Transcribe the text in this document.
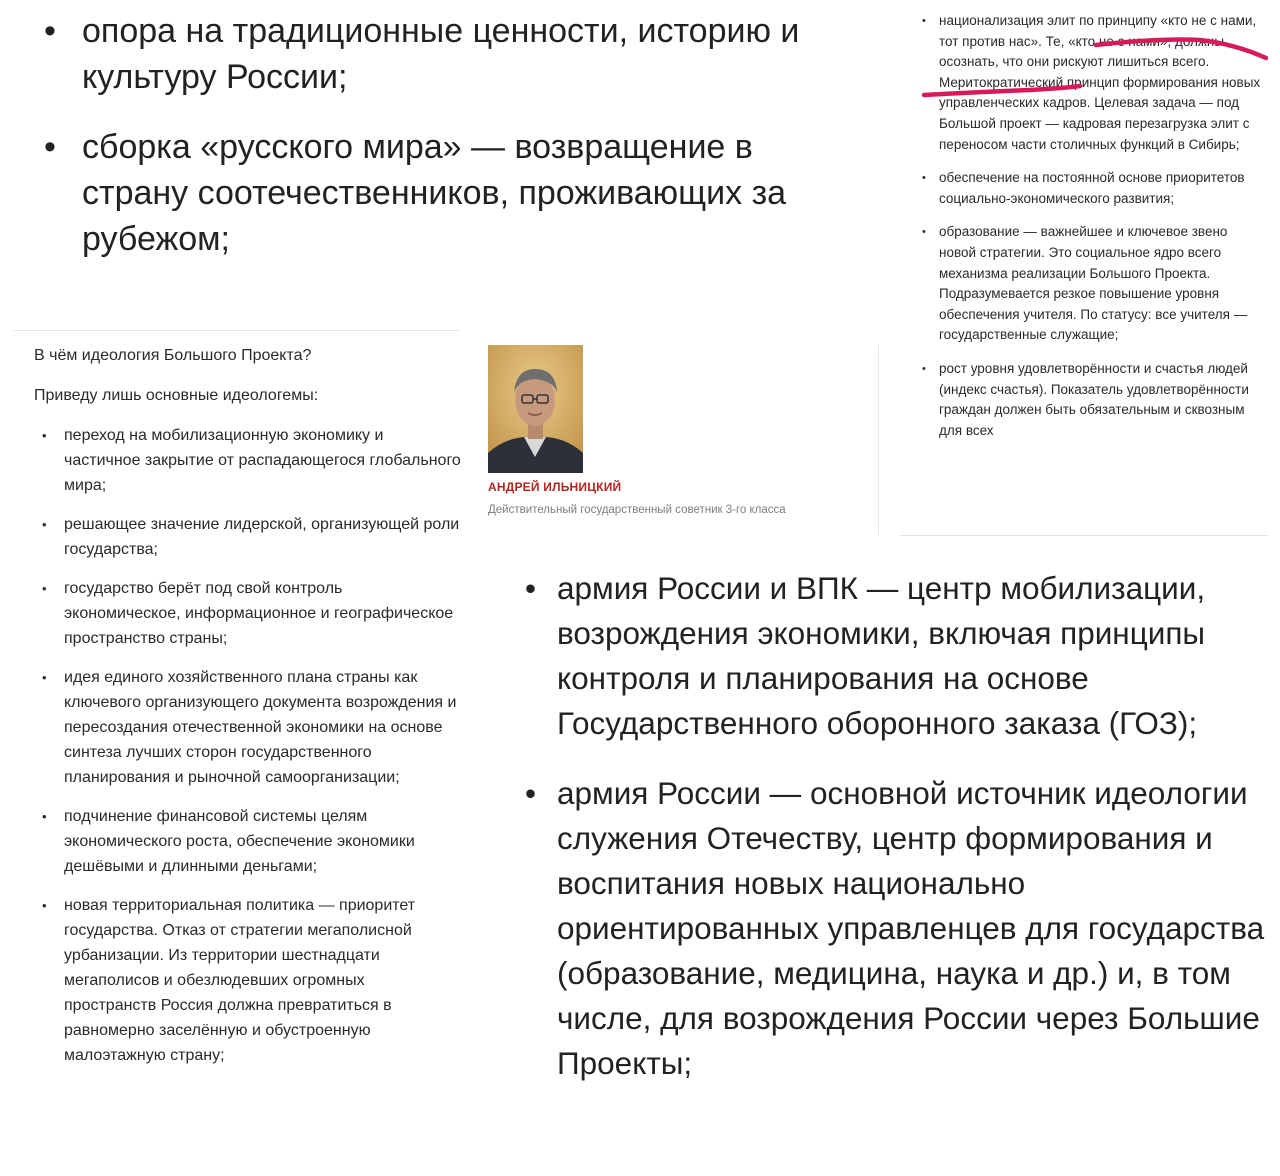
• опора на традиционные ценности, историю и культуру России;
• сборка «русского мира» — возвращение в страну соотечественников, проживающих за рубежом;
В чём идеология Большого Проекта?
Приведу лишь основные идеологемы:
• переход на мобилизационную экономику и частичное закрытие от распадающегося глобального мира;
• решающее значение лидерской, организующей роли государства;
• государство берёт под свой контроль экономическое, информационное и географическое пространство страны;
• идея единого хозяйственного плана страны как ключевого организующего документа возрождения и пересоздания отечественной экономики на основе синтеза лучших сторон государственного планирования и рыночной самоорганизации;
• подчинение финансовой системы целям экономического роста, обеспечение экономики дешёвыми и длинными деньгами;
• новая территориальная политика — приоритет государства. Отказ от стратегии мегаполисной урбанизации. Из территории шестнадцати мегаполисов и обезлюдевших огромных пространств Россия должна превратиться в равномерно заселённую и обустроенную малоэтажную страну;
АНДРЕЙ ИЛЬНИЦКИЙ
Действительный государственный советник 3-го класса
• национализация элит по принципу «кто не с нами, тот против нас». Те, «кто не с нами», должны осознать, что они рискуют лишиться всего. Меритократический принцип формирования новых управленческих кадров. Целевая задача — под Большой проект — кадровая перезагрузка элит с переносом части столичных функций в Сибирь;
• обеспечение на постоянной основе приоритетов социально-экономического развития;
• образование — важнейшее и ключевое звено новой стратегии. Это социальное ядро всего механизма реализации Большого Проекта. Подразумевается резкое повышение уровня обеспечения учителя. По статусу: все учителя — государственные служащие;
• рост уровня удовлетворённости и счастья людей (индекс счастья). Показатель удовлетворённости граждан должен быть обязательным и сквозным для всех
• армия России и ВПК — центр мобилизации, возрождения экономики, включая принципы контроля и планирования на основе Государственного оборонного заказа (ГОЗ);
• армия России — основной источник идеологии служения Отечеству, центр формирования и воспитания новых национально ориентированных управленцев для государства (образование, медицина, наука и др.) и, в том числе, для возрождения России через Большие Проекты;
